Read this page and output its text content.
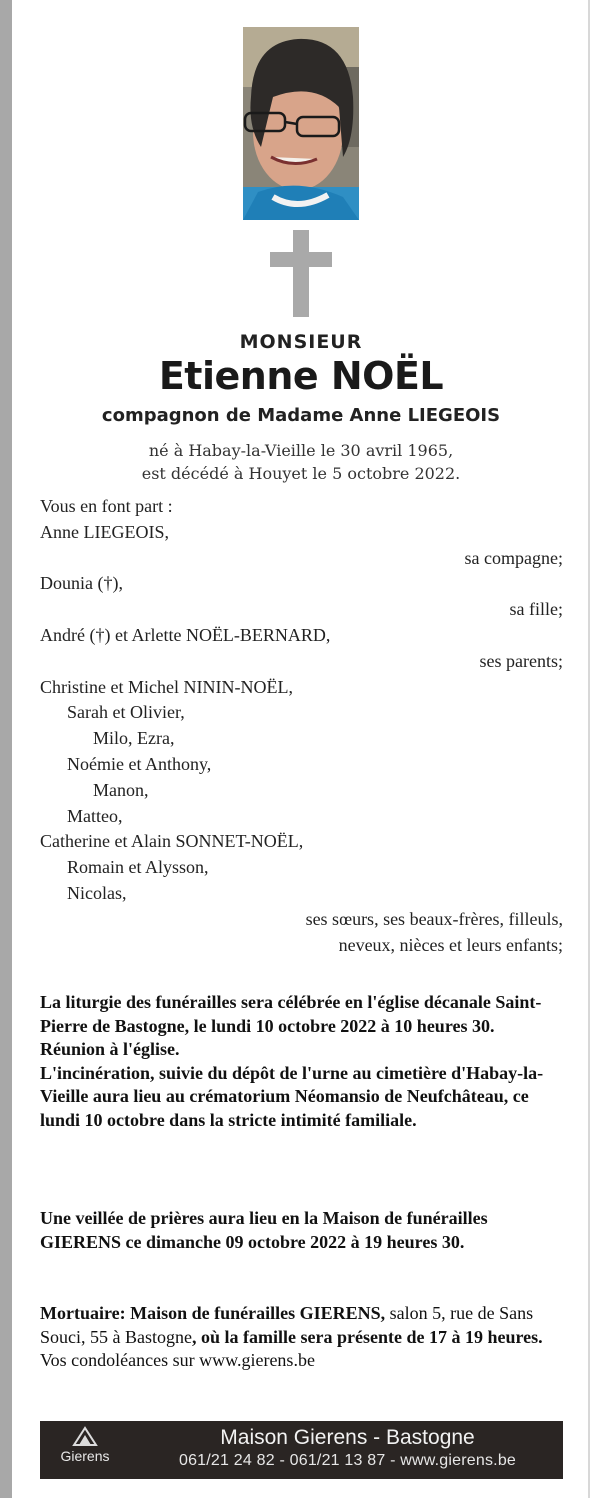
MONSIEUR
Etienne NOËL
compagnon de Madame Anne LIEGEOIS
né à Habay-la-Vieille le 30 avril 1965,
est décédé à Houyet le 5 octobre 2022.
Vous en font part :
Anne LIEGEOIS,
sa compagne;
Dounia (†),
sa fille;
André (†) et Arlette NOËL-BERNARD,
ses parents;
Christine et Michel NININ-NOËL,
Sarah et Olivier,
Milo, Ezra,
Noémie et Anthony,
Manon,
Matteo,
Catherine et Alain SONNET-NOËL,
Romain et Alysson,
Nicolas,
ses sœurs, ses beaux-frères, filleuls,
neveux, nièces et leurs enfants;
La liturgie des funérailles sera célébrée en l'église décanale Saint-Pierre de Bastogne, le lundi 10 octobre 2022 à 10 heures 30.
Réunion à l'église.
L'incinération, suivie du dépôt de l'urne au cimetière d'Habay-la-Vieille aura lieu au crématorium Néomansio de Neufchâteau, ce lundi 10 octobre dans la stricte intimité familiale.
Une veillée de prières aura lieu en la Maison de funérailles GIERENS ce dimanche 09 octobre 2022 à 19 heures 30.
Mortuaire: Maison de funérailles GIERENS, salon 5, rue de Sans Souci, 55 à Bastogne, où la famille sera présente de 17 à 19 heures.
Vos condoléances sur www.gierens.be
Gierens
Maison Gierens - Bastogne
061/21 24 82 - 061/21 13 87 - www.gierens.be
